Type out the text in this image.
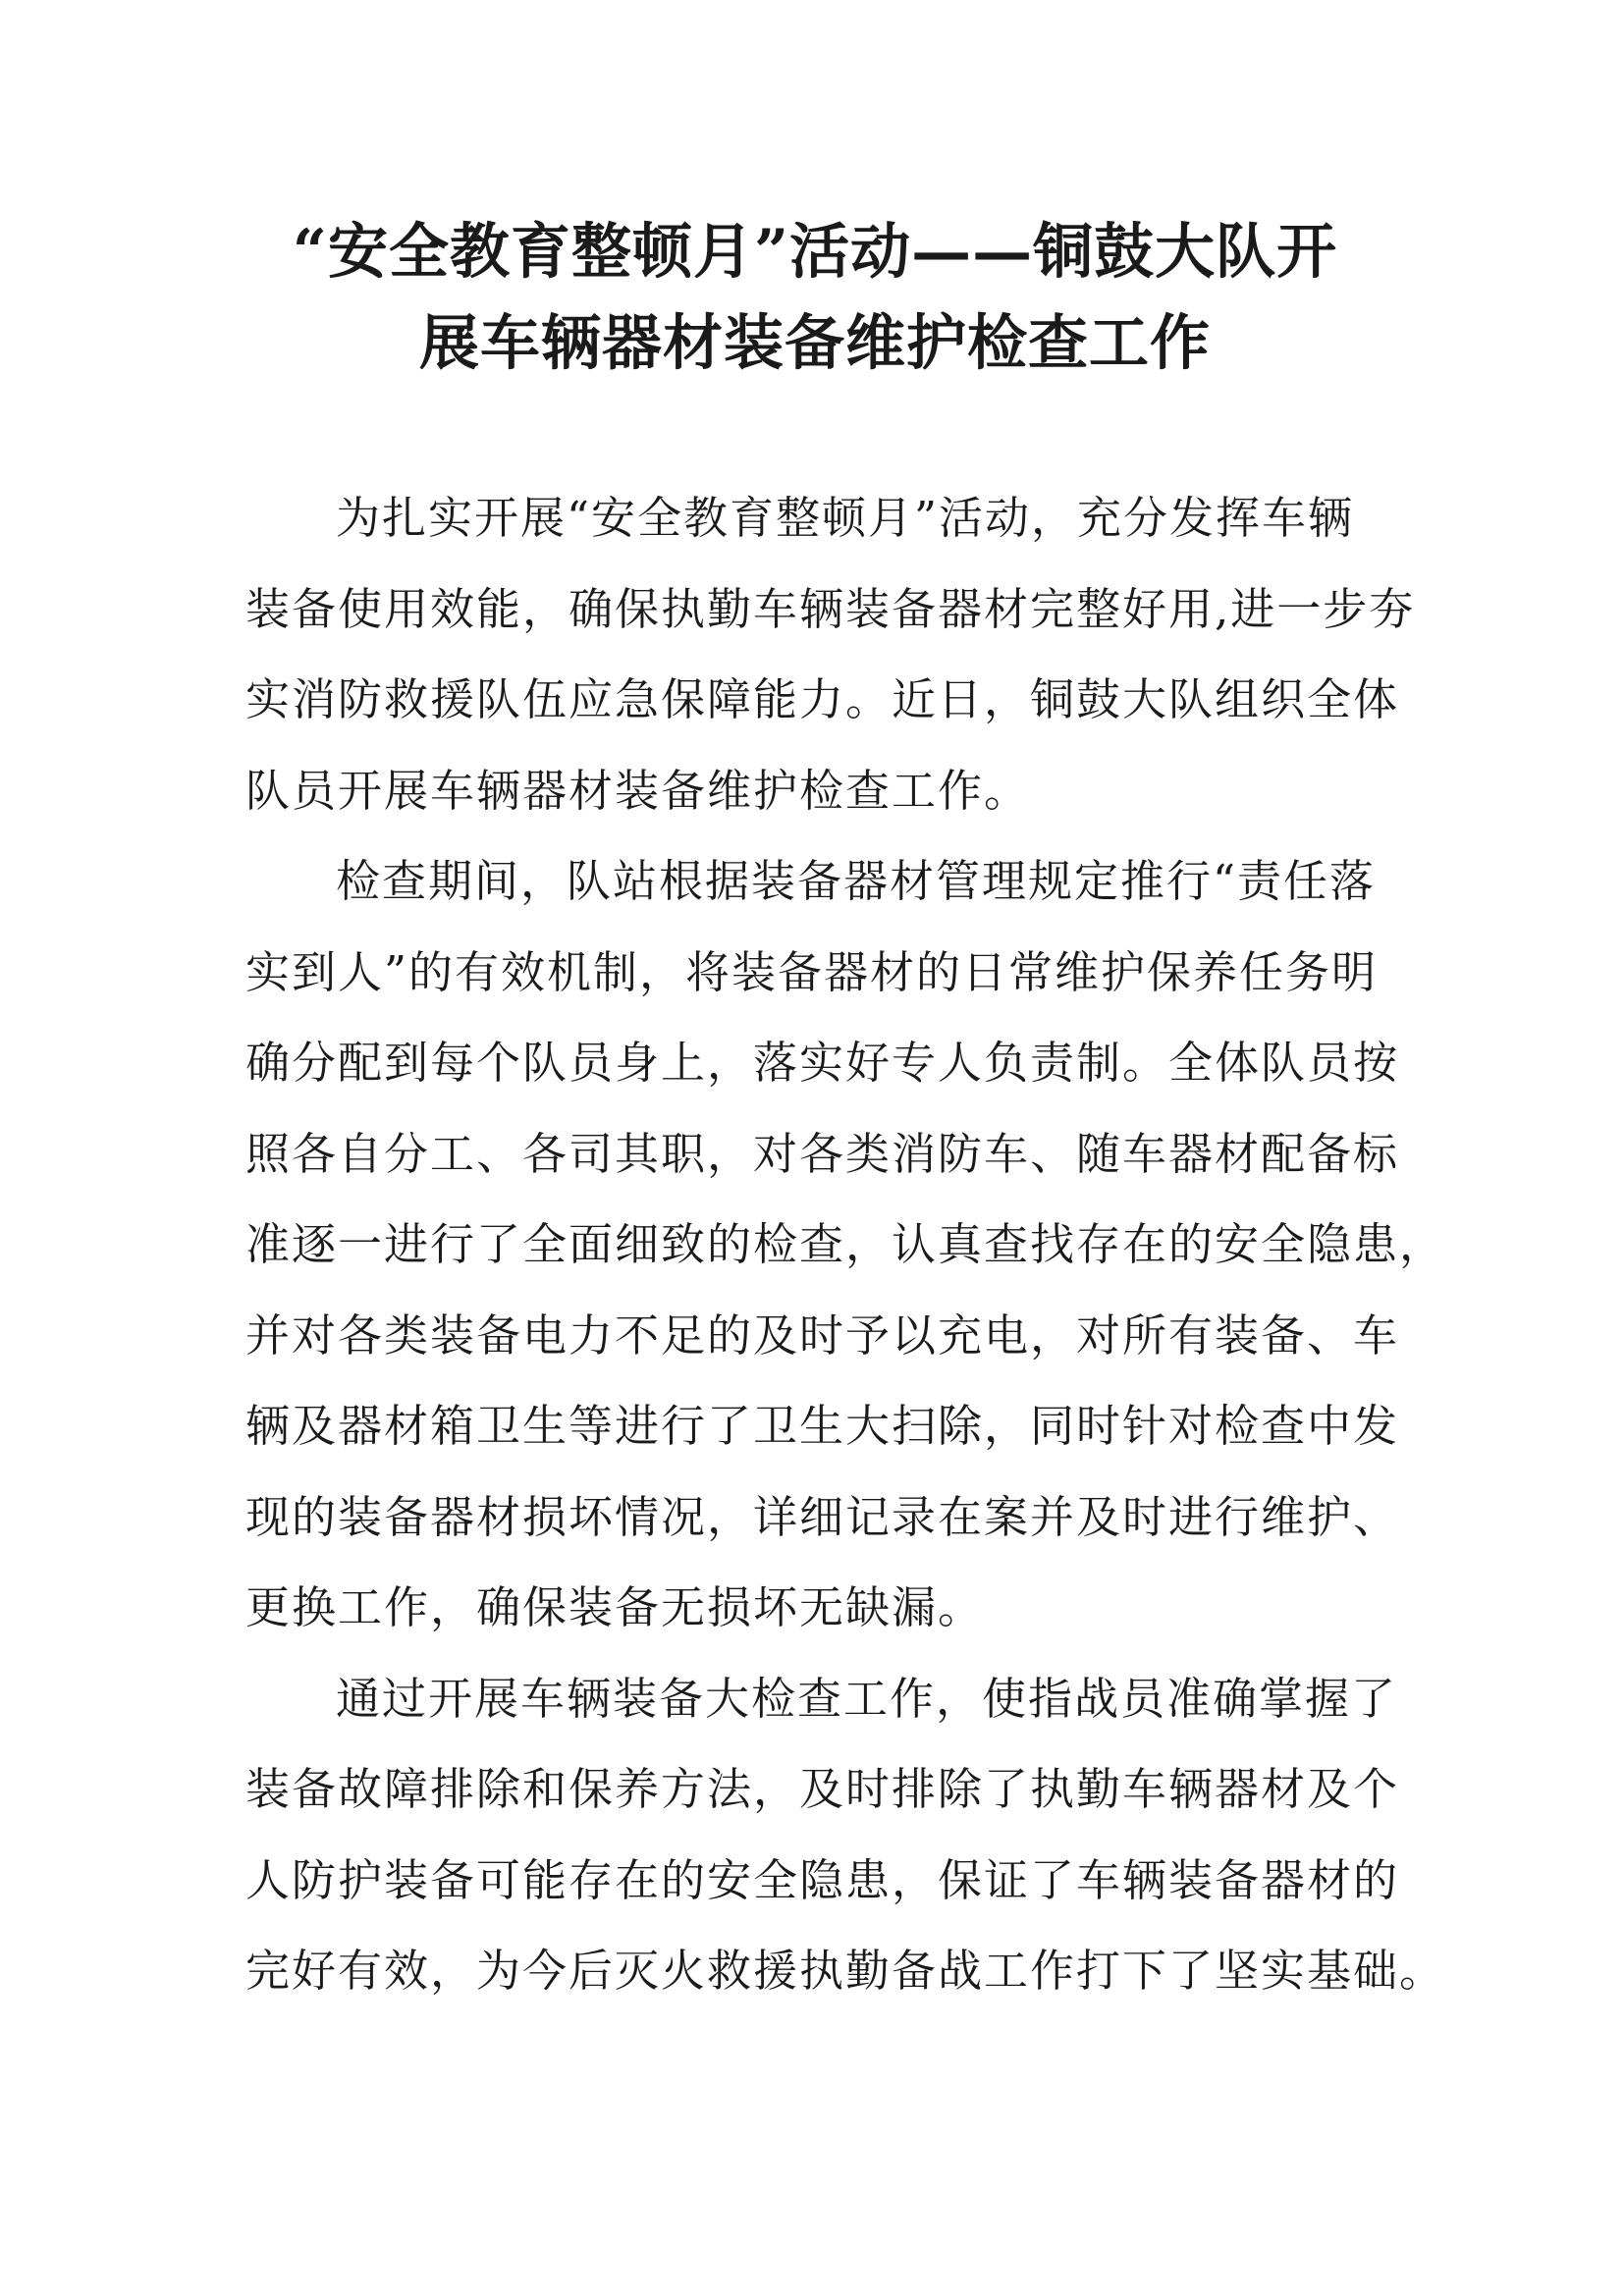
“安全教育整顿月”活动——铜鼓大队开
展车辆器材装备维护检查工作
为扎实开展“安全教育整顿月”活动，充分发挥车辆
装备使用效能，确保执勤车辆装备器材完整好用,进一步夯
实消防救援队伍应急保障能力。近日，铜鼓大队组织全体
队员开展车辆器材装备维护检查工作。
检查期间，队站根据装备器材管理规定推行“责任落
实到人”的有效机制，将装备器材的日常维护保养任务明
确分配到每个队员身上，落实好专人负责制。全体队员按
照各自分工、各司其职，对各类消防车、随车器材配备标
准逐一进行了全面细致的检查，认真查找存在的安全隐患，
并对各类装备电力不足的及时予以充电，对所有装备、车
辆及器材箱卫生等进行了卫生大扫除，同时针对检查中发
现的装备器材损坏情况，详细记录在案并及时进行维护、
更换工作，确保装备无损坏无缺漏。
通过开展车辆装备大检查工作，使指战员准确掌握了
装备故障排除和保养方法，及时排除了执勤车辆器材及个
人防护装备可能存在的安全隐患，保证了车辆装备器材的
完好有效，为今后灭火救援执勤备战工作打下了坚实基础。
